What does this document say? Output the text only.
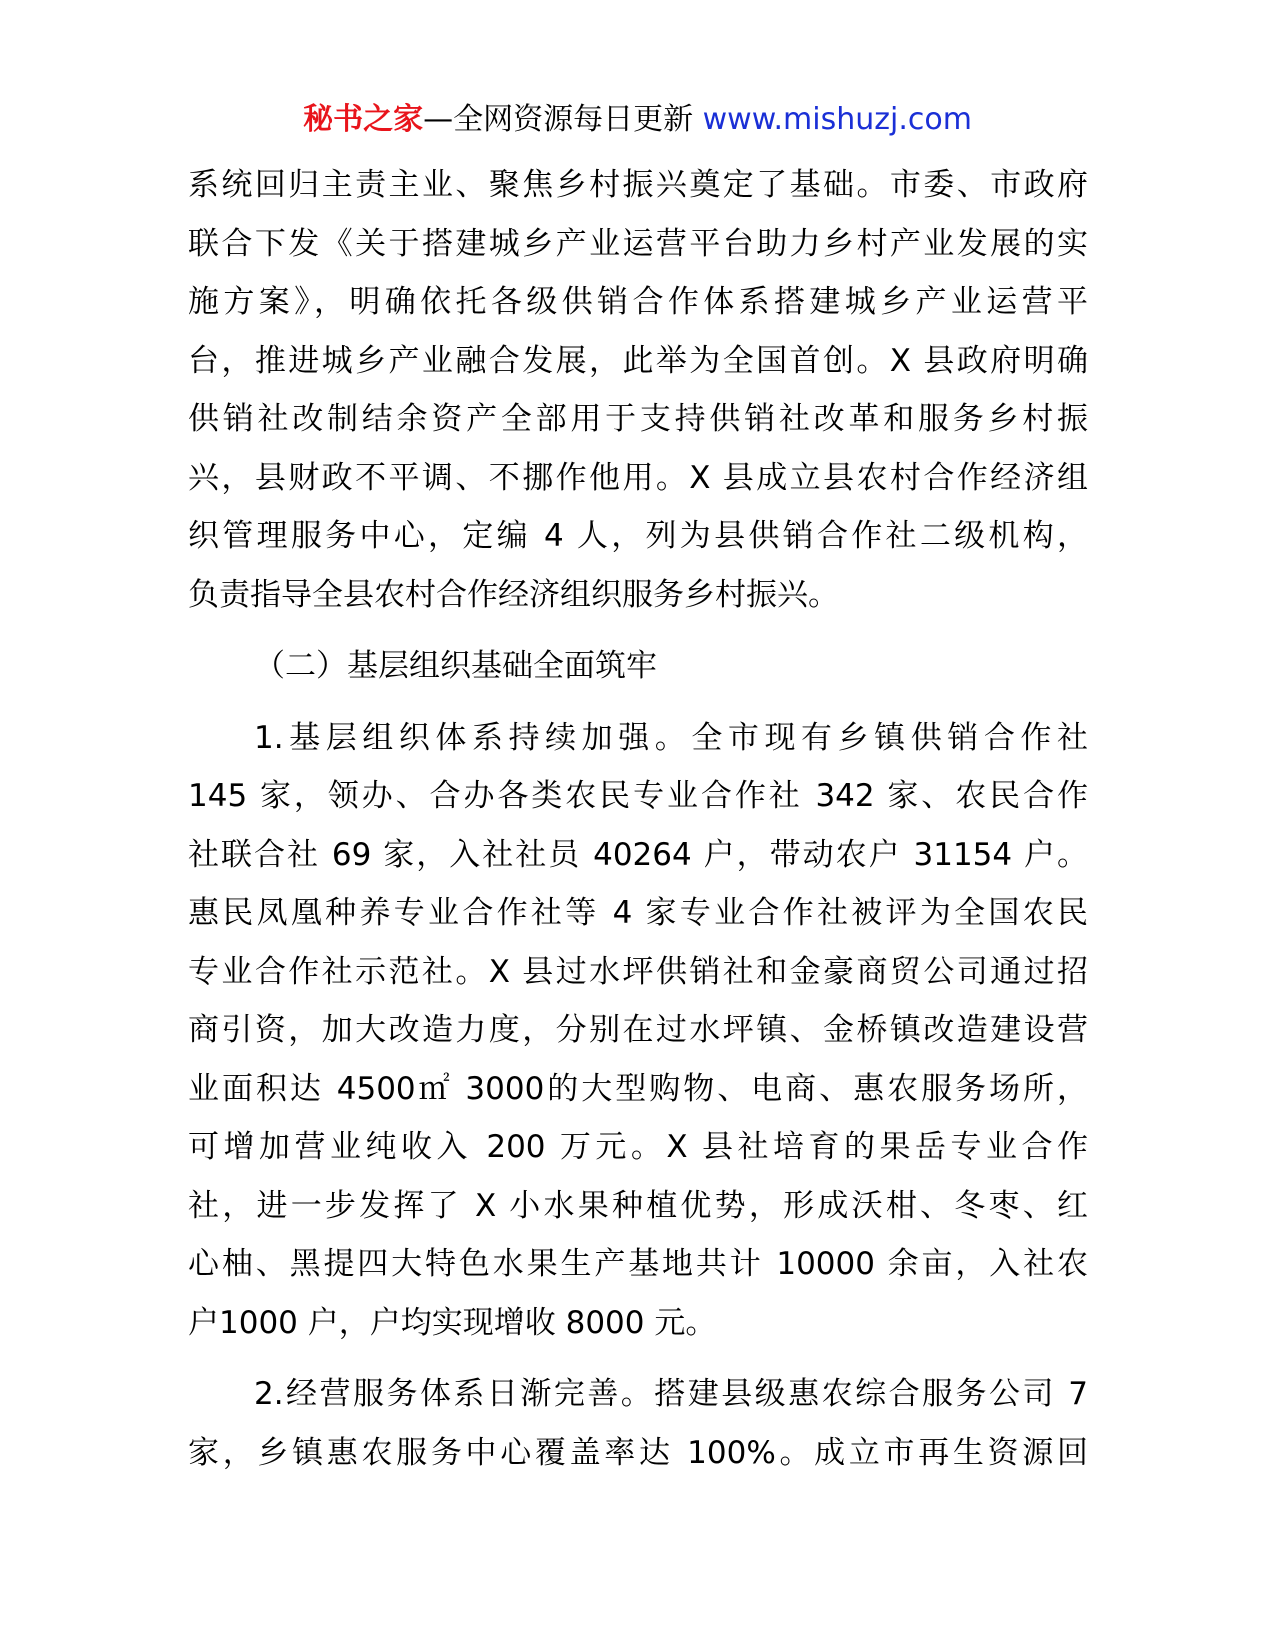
秘书之家—全网资源每日更新 www.mishuzj.com

系统回归主责主业、聚焦乡村振兴奠定了基础。市委、市政府
联合下发《关于搭建城乡产业运营平台助力乡村产业发展的实
施方案》，明确依托各级供销合作体系搭建城乡产业运营平
台，推进城乡产业融合发展，此举为全国首创。X 县政府明确
供销社改制结余资产全部用于支持供销社改革和服务乡村振
兴，县财政不平调、不挪作他用。X 县成立县农村合作经济组
织管理服务中心，定编 4 人，列为县供销合作社二级机构，
负责指导全县农村合作经济组织服务乡村振兴。

（二）基层组织基础全面筑牢

1.基层组织体系持续加强。全市现有乡镇供销合作社
145 家，领办、合办各类农民专业合作社 342 家、农民合作
社联合社 69 家，入社社员 40264 户，带动农户 31154 户。
惠民凤凰种养专业合作社等 4 家专业合作社被评为全国农民
专业合作社示范社。X 县过水坪供销社和金豪商贸公司通过招
商引资，加大改造力度，分别在过水坪镇、金桥镇改造建设营
业面积达 4500㎡ 3000的大型购物、电商、惠农服务场所，
可增加营业纯收入 200 万元。X 县社培育的果岳专业合作
社，进一步发挥了 X 小水果种植优势，形成沃柑、冬枣、红
心柚、黑提四大特色水果生产基地共计 10000 余亩，入社农
户1000 户，户均实现增收 8000 元。

2.经营服务体系日渐完善。搭建县级惠农综合服务公司 7
家，乡镇惠农服务中心覆盖率达 100%。成立市再生资源回
